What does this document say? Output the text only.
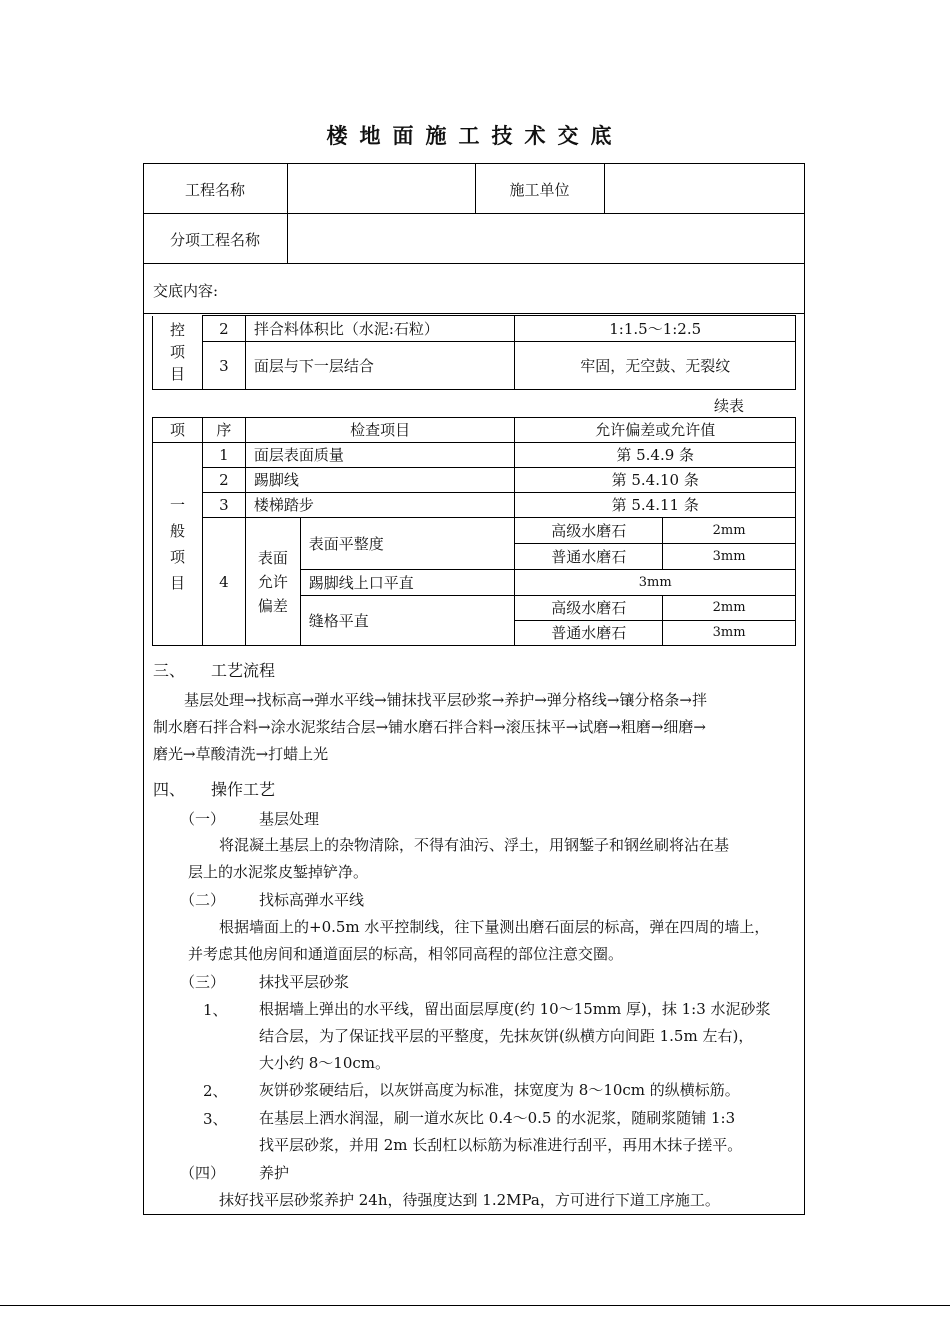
楼地面施工技术交底
工程名称	施工单位
分项工程名称
交底内容:
控
项
目	2	拌合料体积比（水泥:石粒）	1:1.5～1:2.5
	3	面层与下一层结合	牢固，无空鼓、无裂纹
续表
项	序	检查项目		允许偏差或允许值	

一
般
项
目	1	面层表面质量		第 5.4.9 条	
	2	踢脚线		第 5.4.10 条	
	3	楼梯踏步		第 5.4.11 条	
	4	表面
允许
偏差	表面平整度	高级水磨石	2mm
				普通水磨石	3mm
			踢脚线上口平直	3mm	
			缝格平直	高级水磨石	2mm
				普通水磨石	3mm
三、 工艺流程
基层处理→找标高→弹水平线→铺抹找平层砂浆→养护→弹分格线→镶分格条→拌
制水磨石拌合料→涂水泥浆结合层→铺水磨石拌合料→滚压抹平→试磨→粗磨→细磨→
磨光→草酸清洗→打蜡上光
四、 操作工艺
（一） 基层处理
将混凝土基层上的杂物清除，不得有油污、浮土，用钢錾子和钢丝刷将沾在基
层上的水泥浆皮錾掉铲净。
（二） 找标高弹水平线
根据墙面上的+0.5m 水平控制线，往下量测出磨石面层的标高，弹在四周的墙上，
并考虑其他房间和通道面层的标高，相邻同高程的部位注意交圈。
（三） 抹找平层砂浆
1、 根据墙上弹出的水平线，留出面层厚度(约 10～15mm 厚)，抹 1:3 水泥砂浆
结合层，为了保证找平层的平整度，先抹灰饼(纵横方向间距 1.5m 左右)，
大小约 8～10cm。
2、 灰饼砂浆硬结后，以灰饼高度为标准，抹宽度为 8～10cm 的纵横标筋。
3、 在基层上洒水润湿，刷一道水灰比 0.4～0.5 的水泥浆，随刷浆随铺 1:3
找平层砂浆，并用 2m 长刮杠以标筋为标准进行刮平，再用木抹子搓平。
（四） 养护
抹好找平层砂浆养护 24h，待强度达到 1.2MPa，方可进行下道工序施工。
